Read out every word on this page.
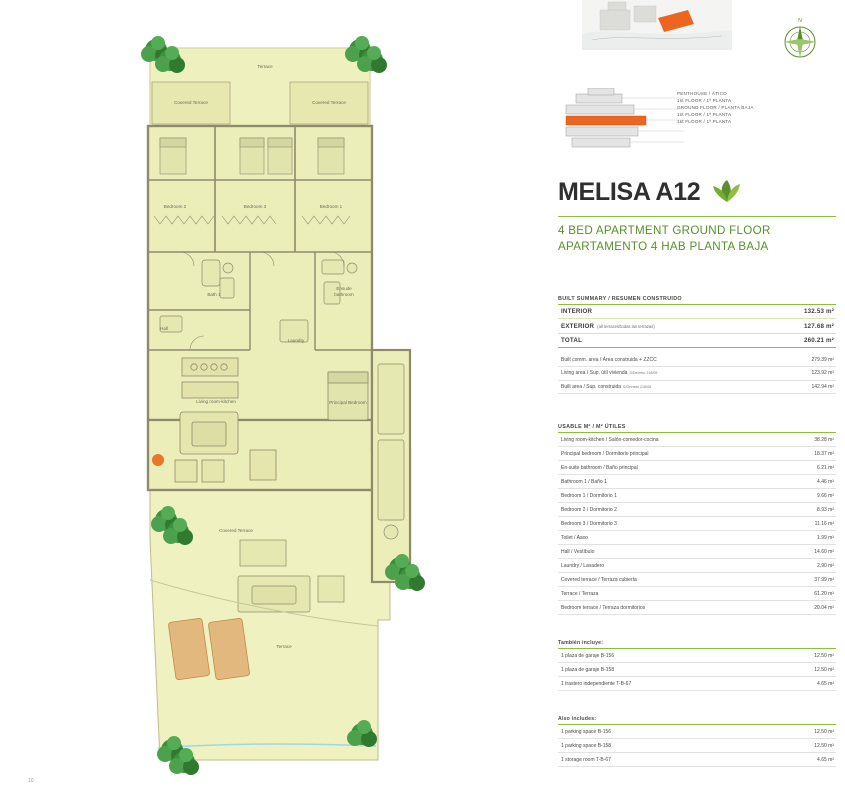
Terrace
Covered Terrace	Covered Terrace
Bedroom 2	Bedroom 3	Bedroom 1
Bath 1
Ensuite
bathroom
Hall
Laundry
Living room-kitchen	Principal Bedroom
Covered Terrace
Terrace
N
PENTHOUSE / ÁTICO
1st FLOOR / 1ª PLANTA
GROUND FLOOR / PLANTA BAJA
1st FLOOR / 1ª PLANTA
1st FLOOR / 1ª PLANTA
MELISA A12
4 BED APARTMENT GROUND FLOOR
APARTAMENTO 4 HAB PLANTA BAJA
BUILT SUMMARY / RESUMEN CONSTRUIDO
INTERIOR	132.53 m²
EXTERIOR (all terraces/todas las terrazas)	127.68 m²
TOTAL	260.21 m²
Built comm. area / Área construida + ZZCC	279.39 m²
Living area / Sup. útil vivienda S/Decreto 218/05	123.92 m²
Built area / Sup. construida S/Decreto 218/05	142.94 m²
USABLE M² / M² ÚTILES
Living room-kitchen / Salón-comedor-cocina	38.28 m²
Principal bedroom / Dormitorio principal	18.37 m²
En-suite bathroom / Baño principal	6.21 m²
Bathroom 1 / Baño 1	4.46 m²
Bedroom 1 / Dormitorio 1	9.66 m²
Bedroom 2 / Dormitorio 2	8.93 m²
Bedroom 3 / Dormitorio 3	11.16 m²
Toilet / Aseo	1.99 m²
Hall / Vestíbulo	14.60 m²
Laundry / Lavadero	2.90 m²
Covered terrace / Terraza cubierta	37.99 m²
Terrace / Terraza	61.20 m²
Bedroom terrace / Terraza dormitorios	20.04 m²
También incluye:
1 plaza de garaje B-156	12.50 m²
1 plaza de garaje B-158	12.50 m²
1 trastero independiente T-B-67	4.65 m²
Also includes:
1 parking space B-156	12.50 m²
1 parking space B-158	12.50 m²
1 storage room T-B-67	4.65 m²
10
